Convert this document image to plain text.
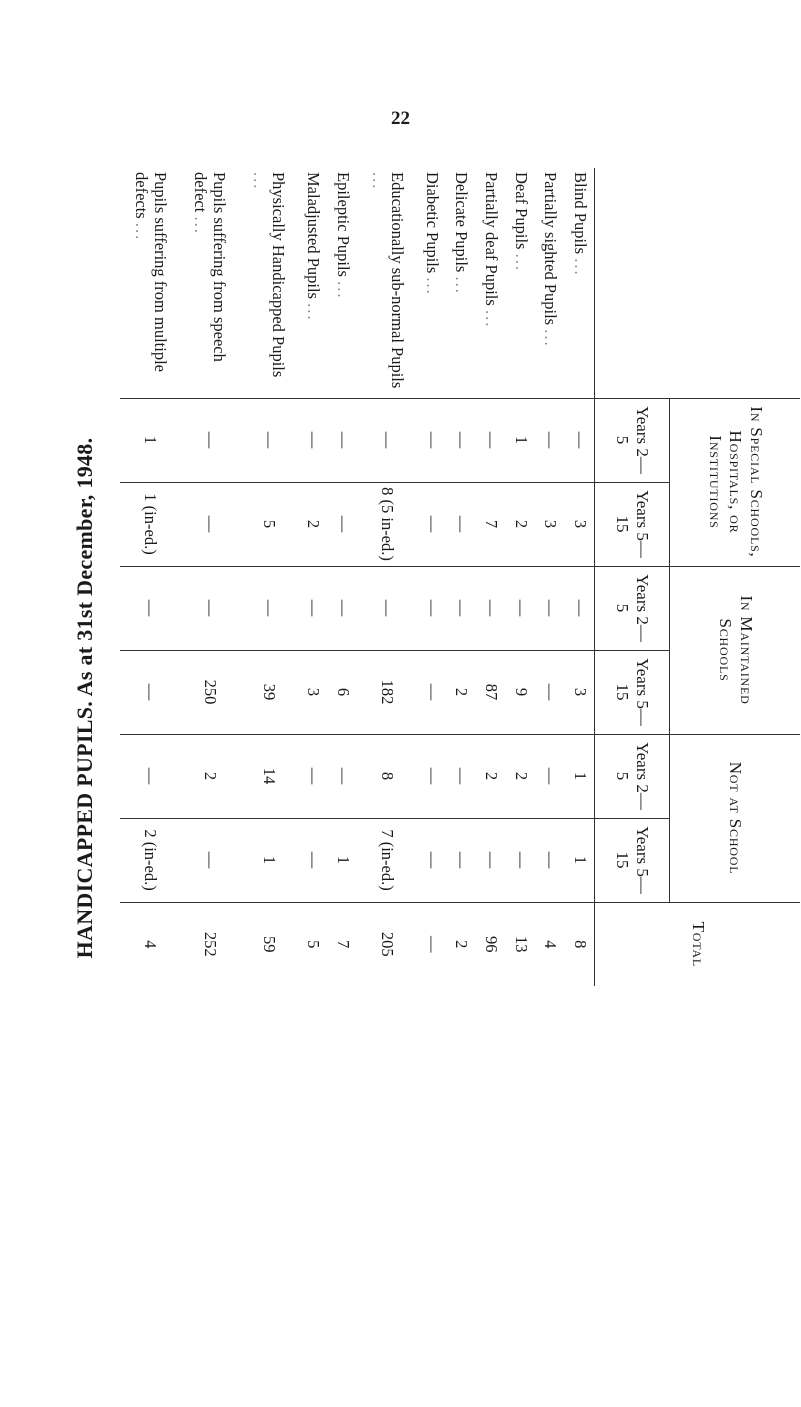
22
HANDICAPPED PUPILS. As at 31st December, 1948.
		In Special Schools, Hospitals, or Institutions		In Maintained Schools		Not at School		Total
	Years 2—5	Years 5—15	Years 2—5	Years 5—15	Years 2—5	Years 5—15	
Blind Pupils ...	—	3	—	3	1	1	8
Partially sighted Pupils ...	—	3	—	—	—	—	4
Deaf Pupils ...	1	2	—	9	2	—	13
Partially deaf Pupils ...	—	7	—	87	2	—	96
Delicate Pupils ...	—	—	—	2	—	—	2
Diabetic Pupils ...	—	—	—	—	—	—	—
Educationally sub-normal Pupils ...	—	8 (5 in-ed.)	—	182	8	7 (in-ed.)	205
Epileptic Pupils ...	—	—	—	6	—	1	7
Maladjusted Pupils ...	—	2	—	3	—	—	5
Physically Handicapped Pupils ...	—	5	—	39	14	1	59
Pupils suffering from speech defect ...	—	—	—	250	2	—	252
Pupils suffering from multiple defects ...	1	1 (in-ed.)	—	—	—	2 (in-ed.)	4
